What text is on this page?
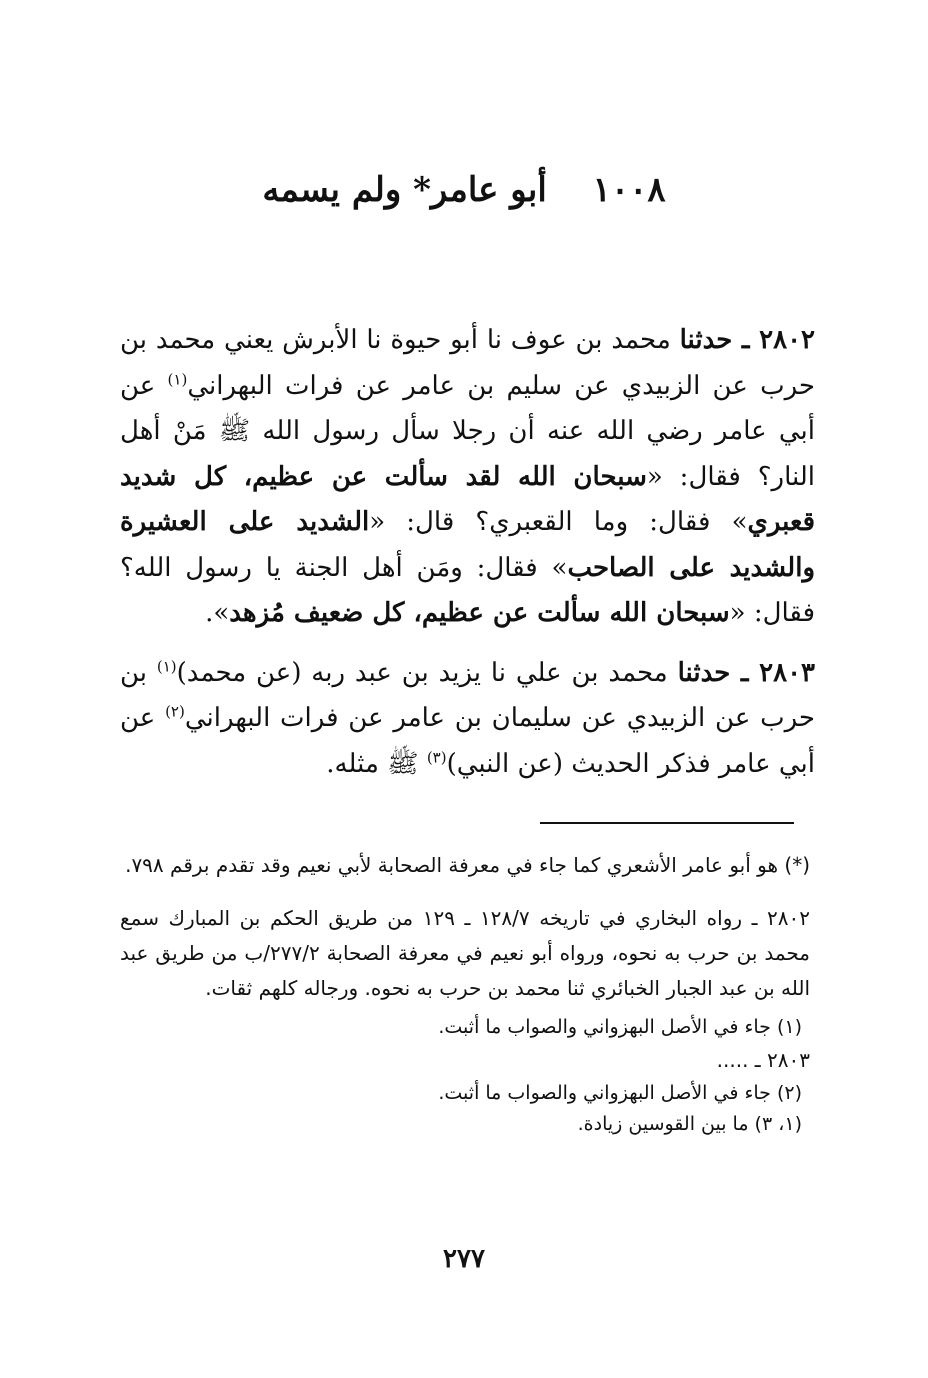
١٠٠٨ أبو عامر* ولم يسمه

٢٨٠٢ ـ حدثنا محمد بن عوف نا أبو حيوة نا الأبرش يعني محمد بن حرب عن الزبيدي عن سليم بن عامر عن فرات البهراني$^{(١)}$ عن أبي عامر رضي الله عنه أن رجلا سأل رسول الله ﷺ مَنْ أهل النار؟ فقال: «سبحان الله لقد سألت عن عظيم، كل شديد قعبري» فقال: وما القعبري؟ قال: «الشديد على العشيرة والشديد على الصاحب» فقال: ومَن أهل الجنة يا رسول الله؟ فقال: «سبحان الله سألت عن عظيم، كل ضعيف مُزهد».

٢٨٠٣ ـ حدثنا محمد بن علي نا يزيد بن عبد ربه (عن محمد)$^{(١)}$ بن حرب عن الزبيدي عن سليمان بن عامر عن فرات البهراني$^{(٢)}$ عن أبي عامر فذكر الحديث (عن النبي)$^{(٣)}$ ﷺ مثله.

(*) هو أبو عامر الأشعري كما جاء في معرفة الصحابة لأبي نعيم وقد تقدم برقم ٧٩٨.

٢٨٠٢ ـ رواه البخاري في تاريخه ١٢٨/٧ ـ ١٢٩ من طريق الحكم بن المبارك سمع محمد بن حرب به نحوه، ورواه أبو نعيم في معرفة الصحابة ٢٧٧/٢/ب من طريق عبد الله بن عبد الجبار الخبائري ثنا محمد بن حرب به نحوه. ورجاله كلهم ثقات.

(١) جاء في الأصل البهزواني والصواب ما أثبت.

٢٨٠٣ ـ .....

(٢) جاء في الأصل البهزواني والصواب ما أثبت.

(١، ٣) ما بين القوسين زيادة.

٢٧٧
